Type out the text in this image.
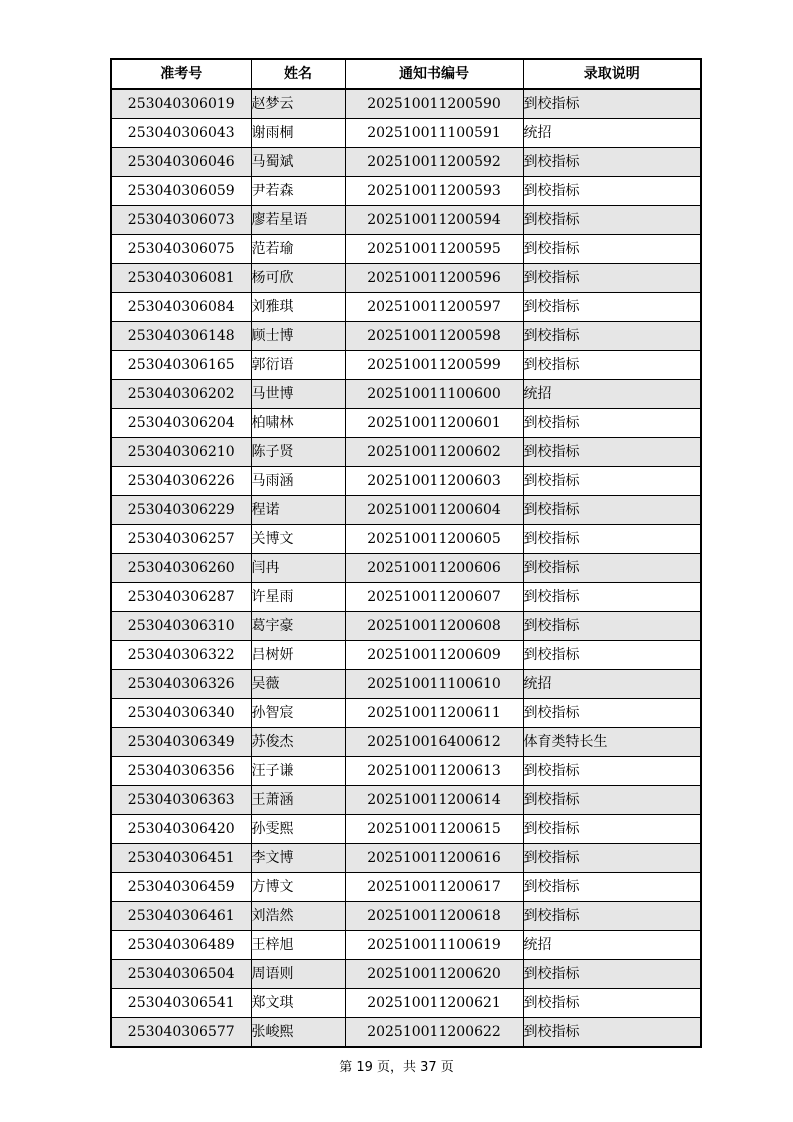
准考号	姓名	通知书编号	录取说明
253040306019	赵梦云	202510011200590	到校指标
253040306043	谢雨桐	202510011100591	统招
253040306046	马蜀斌	202510011200592	到校指标
253040306059	尹若森	202510011200593	到校指标
253040306073	廖若星语	202510011200594	到校指标
253040306075	范若瑜	202510011200595	到校指标
253040306081	杨可欣	202510011200596	到校指标
253040306084	刘雅琪	202510011200597	到校指标
253040306148	顾士博	202510011200598	到校指标
253040306165	郭衍语	202510011200599	到校指标
253040306202	马世博	202510011100600	统招
253040306204	柏啸林	202510011200601	到校指标
253040306210	陈子贤	202510011200602	到校指标
253040306226	马雨涵	202510011200603	到校指标
253040306229	程诺	202510011200604	到校指标
253040306257	关博文	202510011200605	到校指标
253040306260	闫冉	202510011200606	到校指标
253040306287	许星雨	202510011200607	到校指标
253040306310	葛宇豪	202510011200608	到校指标
253040306322	吕树妍	202510011200609	到校指标
253040306326	吴薇	202510011100610	统招
253040306340	孙智宸	202510011200611	到校指标
253040306349	苏俊杰	202510016400612	体育类特长生
253040306356	汪子谦	202510011200613	到校指标
253040306363	王萧涵	202510011200614	到校指标
253040306420	孙雯熙	202510011200615	到校指标
253040306451	李文博	202510011200616	到校指标
253040306459	方博文	202510011200617	到校指标
253040306461	刘浩然	202510011200618	到校指标
253040306489	王梓旭	202510011100619	统招
253040306504	周语则	202510011200620	到校指标
253040306541	郑文琪	202510011200621	到校指标
253040306577	张峻熙	202510011200622	到校指标
第 19 页，共 37 页
